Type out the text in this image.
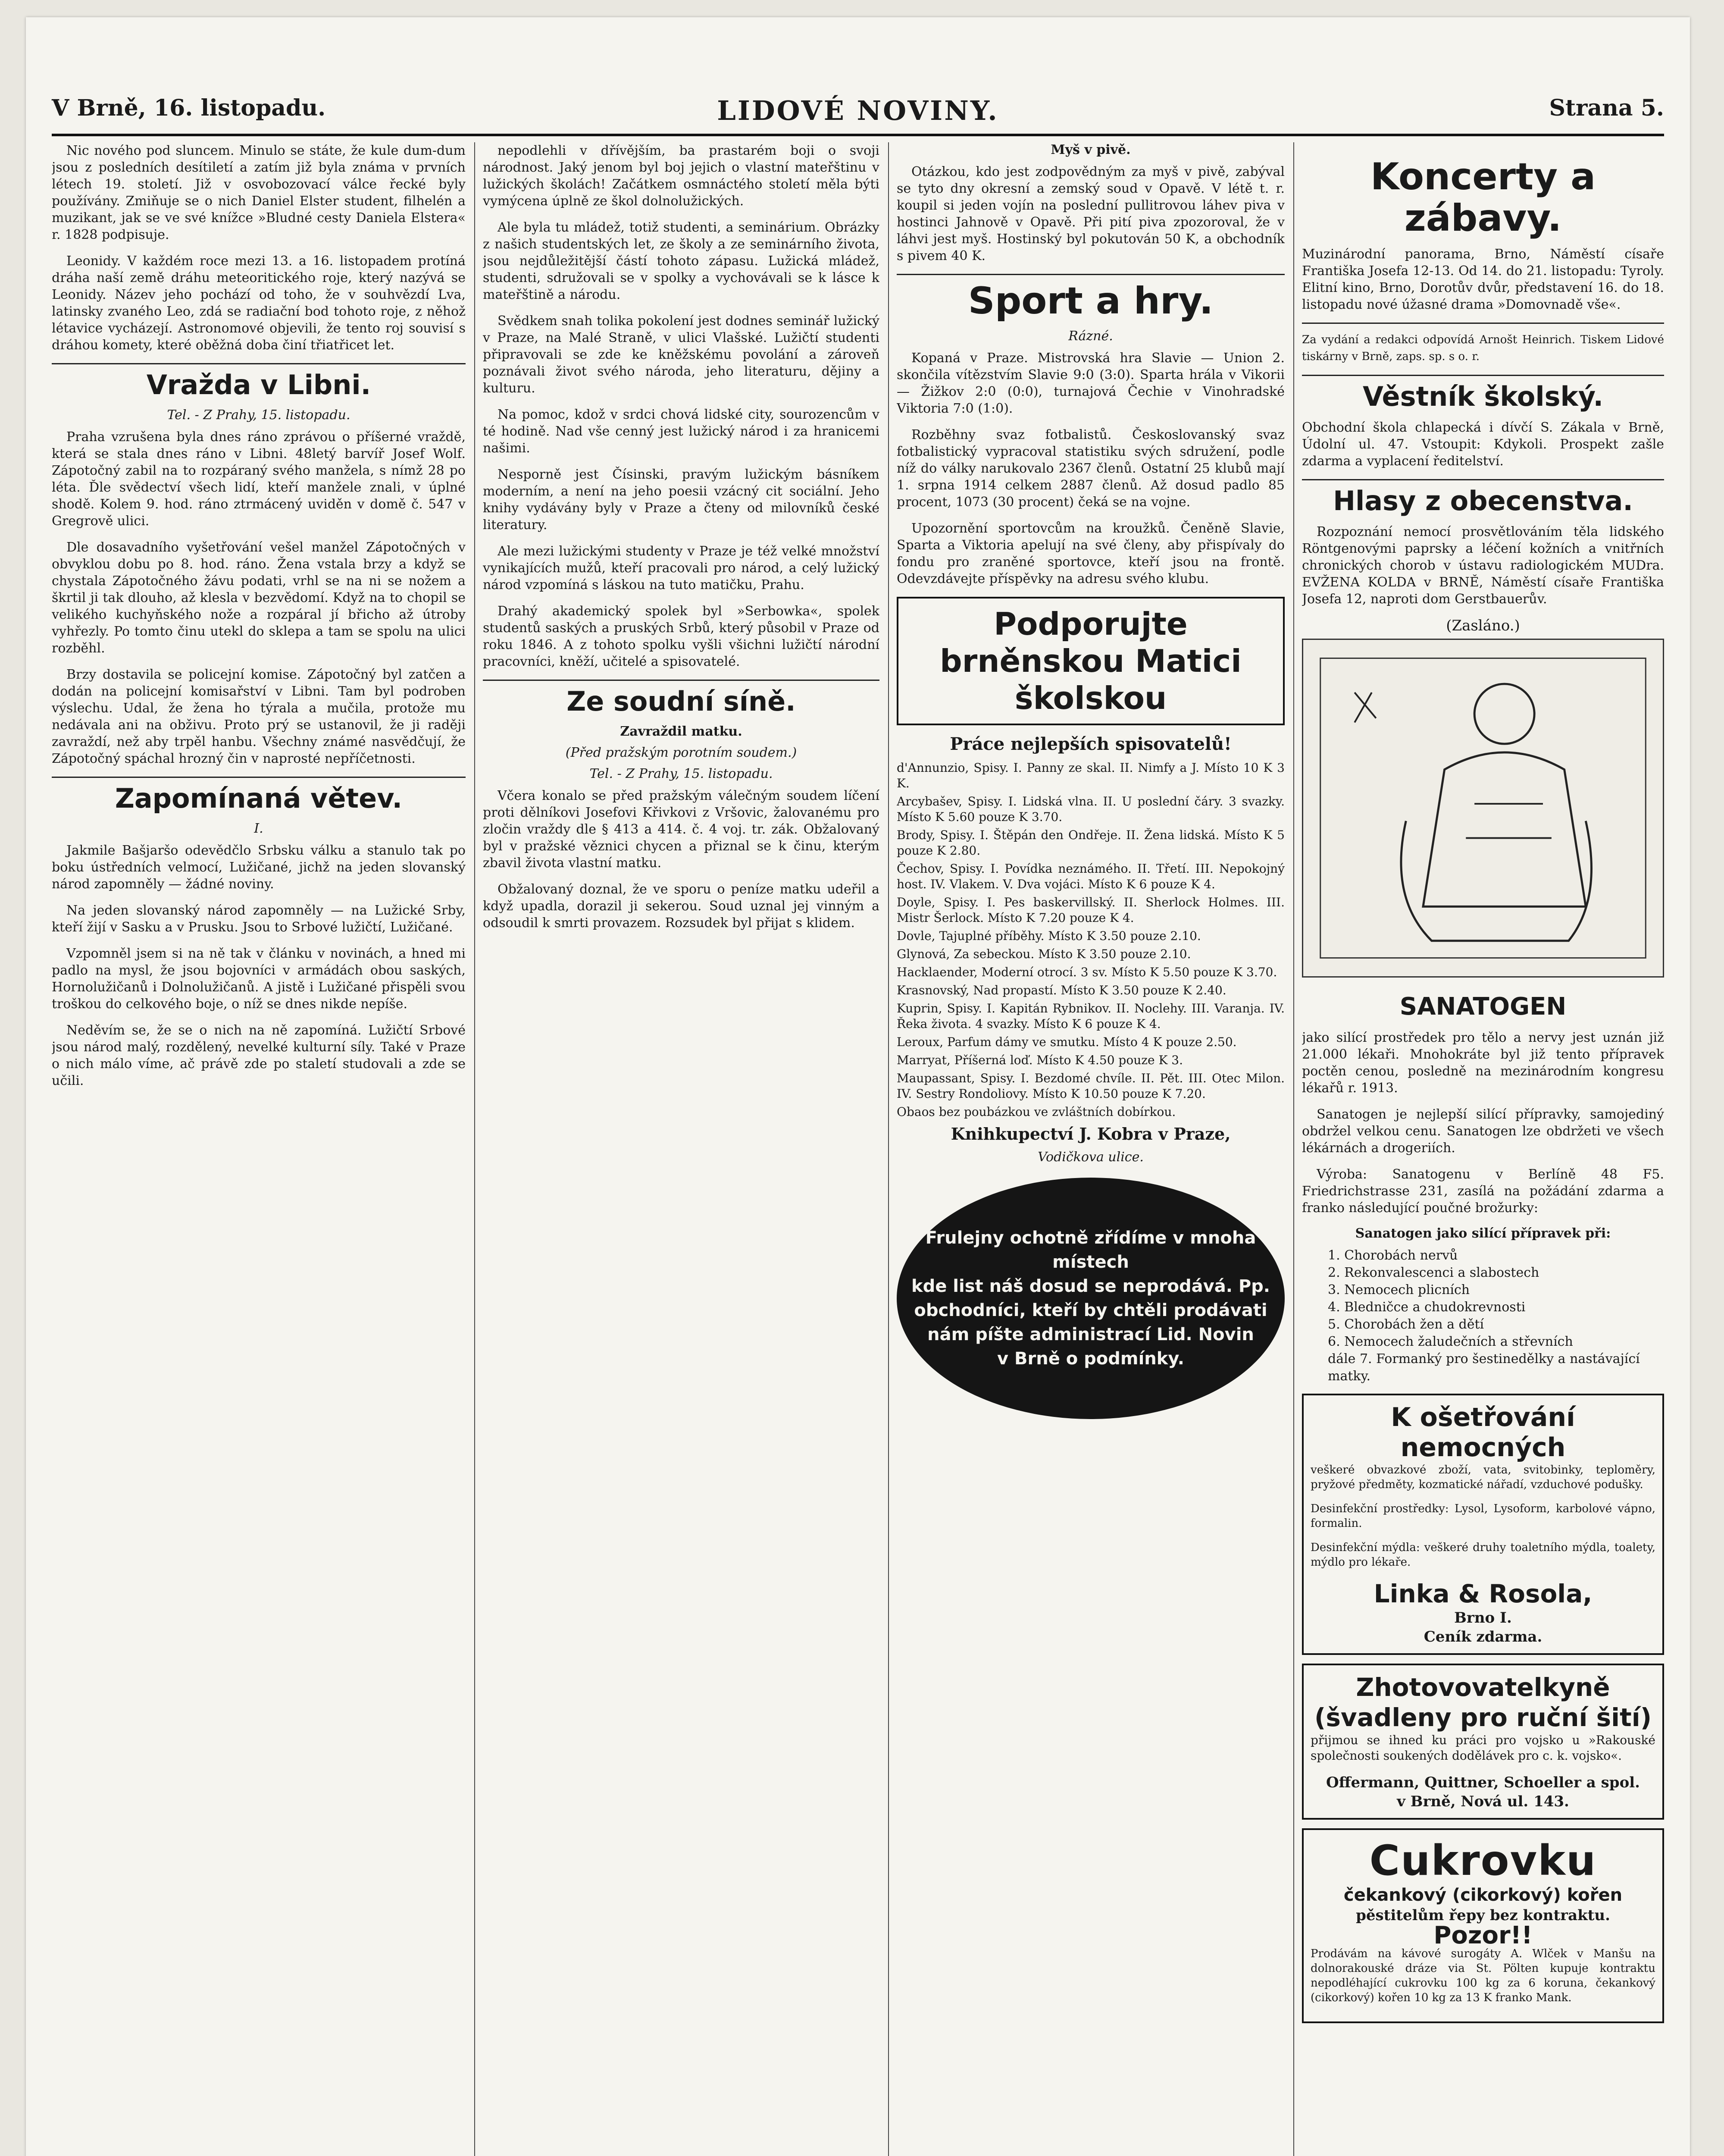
V Brně, 16. listopadu.	LIDOVÉ NOVINY.	Strana 5.

Nic nového pod sluncem. Minulo se státe, že kule dum-dum jsou z posledních desítiletí a zatím již byla známa v prvních létech 19. století. Již v osvobozovací válce řecké byly používány. Zmiňuje se o nich Daniel Elster student, filhelén a muzikant, jak se ve své knížce »Bludné cesty Daniela Elstera« r. 1828 podpisuje.

Leonidy. V každém roce mezi 13. a 16. listopadem protíná dráha naší země dráhu meteoritického roje, který nazývá se Leonidy. Název jeho pochází od toho, že v souhvězdí Lva, latinsky zvaného Leo, zdá se radiační bod tohoto roje, z něhož létavice vycházejí. Astronomové objevili, že tento roj souvisí s dráhou komety, které oběžná doba činí třiatřicet let.

Vražda v Libni.
Tel. - Z Prahy, 15. listopadu.

Praha vzrušena byla dnes ráno zprávou o příšerné vraždě, která se stala dnes ráno v Libni. 48letý barvíř Josef Wolf. Zápotočný zabil na to rozpáraný svého manžela, s nímž 28 po léta. Ďle svědectví všech lidí, kteří manžele znali, v úplné shodě. Kolem 9. hod. ráno ztrmácený uviděn v domě č. 547 v Gregrově ulici.

Dle dosavadního vyšetřování vešel manžel Zápotočných v obvyklou dobu po 8. hod. ráno. Žena vstala brzy a když se chystala Zápotočného žávu podati, vrhl se na ni se nožem a škrtil ji tak dlouho, až klesla v bezvědomí. Když na to chopil se velikého kuchyňského nože a rozpáral jí břicho až útroby vyhřezly. Po tomto činu utekl do sklepa a tam se spolu na ulici rozběhl.

Brzy dostavila se policejní komise. Zápotočný byl zatčen a dodán na policejní komisařství v Libni. Tam byl podroben výslechu. Udal, že žena ho týrala a mučila, protože mu nedávala ani na obživu. Proto prý se ustanovil, že ji raději zavraždí, než aby trpěl hanbu. Všechny známé nasvědčují, že Zápotočný spáchal hrozný čin v naprosté nepříčetnosti.

Zapomínaná větev.
I.

Jakmile Bašjaršo odevědčlo Srbsku válku a stanulo tak po boku ústředních velmocí, Lužičané, jichž na jeden slovanský národ zapomněly — žádné noviny.

Na jeden slovanský národ zapomněly — na Lužické Srby, kteří žijí v Sasku a v Prusku. Jsou to Srbové lužičtí, Lužičané.

Vzpomněl jsem si na ně tak v článku v novinách, a hned mi padlo na mysl, že jsou bojovníci v armádách obou saských, Hornolužičanů i Dolnolužičanů. A jistě i Lužičané přispěli svou troškou do celkového boje, o níž se dnes nikde nepíše.

Neděvím se, že se o nich na ně zapomíná. Lužičtí Srbové jsou národ malý, rozdělený, nevelké kulturní síly. Také v Praze o nich málo víme, ač právě zde po staletí studovali a zde se učili.

nepodlehli v dřívějším, ba prastarém boji o svoji národnost. Jaký jenom byl boj jejich o vlastní mateřštinu v lužických školách! Začátkem osmnáctého století měla býti vymýcena úplně ze škol dolnolužických.

Ale byla tu mládež, totiž studenti, a seminárium. Obrázky z našich studentských let, ze školy a ze seminárního života, jsou nejdůležitější částí tohoto zápasu. Lužická mládež, studenti, sdružovali se v spolky a vychovávali se k lásce k mateřštině a národu.

Svědkem snah tolika pokolení jest dodnes seminář lužický v Praze, na Malé Straně, v ulici Vlašské. Lužičtí studenti připravovali se zde ke kněžskému povolání a zároveň poznávali život svého národa, jeho literaturu, dějiny a kulturu.

Na pomoc, kdož v srdci chová lidské city, sourozencům v té hodině. Nad vše cenný jest lužický národ i za hranicemi našimi.

Nesporně jest Čísinski, pravým lužickým básníkem moderním, a není na jeho poesii vzácný cit sociální. Jeho knihy vydávány byly v Praze a čteny od milovníků české literatury.

Ale mezi lužickými studenty v Praze je též velké množství vynikajících mužů, kteří pracovali pro národ, a celý lužický národ vzpomíná s láskou na tuto matičku, Prahu.

Drahý akademický spolek byl »Serbowka«, spolek studentů saských a pruských Srbů, který působil v Praze od roku 1846. A z tohoto spolku vyšli všichni lužičtí národní pracovníci, kněží, učitelé a spisovatelé.

Ze soudní síně.
Zavraždil matku.
(Před pražským porotním soudem.)
Tel. - Z Prahy, 15. listopadu.

Včera konalo se před pražským válečným soudem líčení proti dělníkovi Josefovi Křivkovi z Vršovic, žalovanému pro zločin vraždy dle § 413 a 414. č. 4 voj. tr. zák. Obžalovaný byl v pražské věznici chycen a přiznal se k činu, kterým zbavil života vlastní matku.

Obžalovaný doznal, že ve sporu o peníze matku udeřil a když upadla, dorazil ji sekerou. Soud uznal jej vinným a odsoudil k smrti provazem. Rozsudek byl přijat s klidem.

Myš v pivě.

Otázkou, kdo jest zodpovědným za myš v pivě, zabýval se tyto dny okresní a zemský soud v Opavě. V létě t. r. koupil si jeden vojín na poslední pullitrovou láhev piva v hostinci Jahnově v Opavě. Při pití piva zpozoroval, že v láhvi jest myš. Hostinský byl pokutován 50 K, a obchodník s pivem 40 K.

Sport a hry.
Rázné.

Kopaná v Praze. Mistrovská hra Slavie — Union 2. skončila vítězstvím Slavie 9:0 (3:0). Sparta hrála v Vikorii — Žižkov 2:0 (0:0), turnajová Čechie v Vinohradské Viktoria 7:0 (1:0).

Rozběhny svaz fotbalistů. Českoslovanský svaz fotbalistický vypracoval statistiku svých sdružení, podle níž do války narukovalo 2367 členů. Ostatní 25 klubů mají 1. srpna 1914 celkem 2887 členů. Až dosud padlo 85 procent, 1073 (30 procent) čeká se na vojne.

Upozornění sportovcům na kroužků. Čeněně Slavie, Sparta a Viktoria apelují na své členy, aby přispívaly do fondu pro zraněné sportovce, kteří jsou na frontě. Odevzdávejte příspěvky na adresu svého klubu.

Podporujte brněnskou Matici školskou
Práce nejlepších spisovatelů!

d'Annunzio, Spisy. I. Panny ze skal. II. Nimfy a J. Místo 10 K 3 K.

Arcybašev, Spisy. I. Lidská vlna. II. U poslední čáry. 3 svazky. Místo K 5.60 pouze K 3.70.

Brody, Spisy. I. Štěpán den Ondřeje. II. Žena lidská. Místo K 5 pouze K 2.80.

Čechov, Spisy. I. Povídka neznámého. II. Třetí. III. Nepokojný host. IV. Vlakem. V. Dva vojáci. Místo K 6 pouze K 4.

Doyle, Spisy. I. Pes baskervillský. II. Sherlock Holmes. III. Mistr Šerlock. Místo K 7.20 pouze K 4.

Dovle, Tajuplné příběhy. Místo K 3.50 pouze 2.10.

Glynová, Za sebeckou. Místo K 3.50 pouze 2.10.

Hacklaender, Moderní otrocí. 3 sv. Místo K 5.50 pouze K 3.70.

Krasnovský, Nad propastí. Místo K 3.50 pouze K 2.40.

Kuprin, Spisy. I. Kapitán Rybnikov. II. Noclehy. III. Varanja. IV. Řeka života. 4 svazky. Místo K 6 pouze K 4.

Leroux, Parfum dámy ve smutku. Místo 4 K pouze 2.50.

Marryat, Příšerná loď. Místo K 4.50 pouze K 3.

Maupassant, Spisy. I. Bezdomé chvíle. II. Pět. III. Otec Milon. IV. Sestry Rondoliovy. Místo K 10.50 pouze K 7.20.

Obaos bez poubázkou ve zvláštních dobírkou.

Knihkupectví J. Kobra v Praze,
Vodičkova ulice.
Frulejny ochotně zřídíme v mnoha místech
kde list náš dosud se neprodává. Pp.
obchodníci, kteří by chtěli prodávati
nám píšte administrací Lid. Novin
v Brně o podmínky.
Koncerty a zábavy.

Muzinárodní panorama, Brno, Náměstí císaře Františka Josefa 12-13. Od 14. do 21. listopadu: Tyroly. Elitní kino, Brno, Dorotův dvůr, představení 16. do 18. listopadu nové úžasné drama »Domovnadě vše«.

Za vydání a redakci odpovídá Arnošt Heinrich. Tiskem Lidové tiskárny v Brně, zaps. sp. s o. r.

Věstník školský.

Obchodní škola chlapecká i dívčí S. Zákala v Brně, Údolní ul. 47. Vstoupit: Kdykoli. Prospekt zašle zdarma a vyplacení ředitelství.

Hlasy z obecenstva.

Rozpoznání nemocí prosvětlováním těla lidského Röntgenovými paprsky a léčení kožních a vnitřních chronických chorob v ústavu radiologickém MUDra. EVŽENA KOLDA v BRNĚ, Náměstí císaře Františka Josefa 12, naproti dom Gerstbauerův.

(Zasláno.)
SANATOGEN

jako silící prostředek pro tělo a nervy jest uznán již 21.000 lékaři. Mnohokráte byl již tento přípravek poctěn cenou, posledně na mezinárodním kongresu lékařů r. 1913.

Sanatogen je nejlepší silící přípravky, samojediný obdržel velkou cenu. Sanatogen lze obdržeti ve všech lékárnách a drogeriích.

Výroba: Sanatogenu v Berlíně 48 F5. Friedrichstrasse 231, zasílá na požádání zdarma a franko následující poučné brožurky:

Sanatogen jako silící přípravek při:
1. Chorobách nervů
2. Rekonvalescenci a slabostech
3. Nemocech plicních
4. Bledničce a chudokrevnosti
5. Chorobách žen a dětí
6. Nemocech žaludečních a střevních
dále 7. Formanký pro šestinedělky a nastávající matky.
K ošetřování nemocných

veškeré obvazkové zboží, vata, svitobinky, teploměry, pryžové předměty, kozmatické nářadí, vzduchové podušky.

Desinfekční prostředky: Lysol, Lysoform, karbolové vápno, formalin.

Desinfekční mýdla: veškeré druhy toaletního mýdla, toalety, mýdlo pro lékaře.

Linka & Rosola,
Brno I.
Ceník zdarma.
Zhotovovatelkyně (švadleny pro ruční šití)

přijmou se ihned ku práci pro vojsko u »Rakouské společnosti soukených dodělávek pro c. k. vojsko«.

Offermann, Quittner, Schoeller a spol.
v Brně, Nová ul. 143.
Cukrovku
čekankový (cikorkový) kořen
pěstitelům řepy bez kontraktu.
Pozor!!

Prodávám na kávové surogáty A. Wlček v Manšu na dolnorakouské dráze via St. Pölten kupuje kontraktu nepodléhající cukrovku 100 kg za 6 koruna, čekankový (cikorkový) kořen 10 kg za 13 K franko Mank.
